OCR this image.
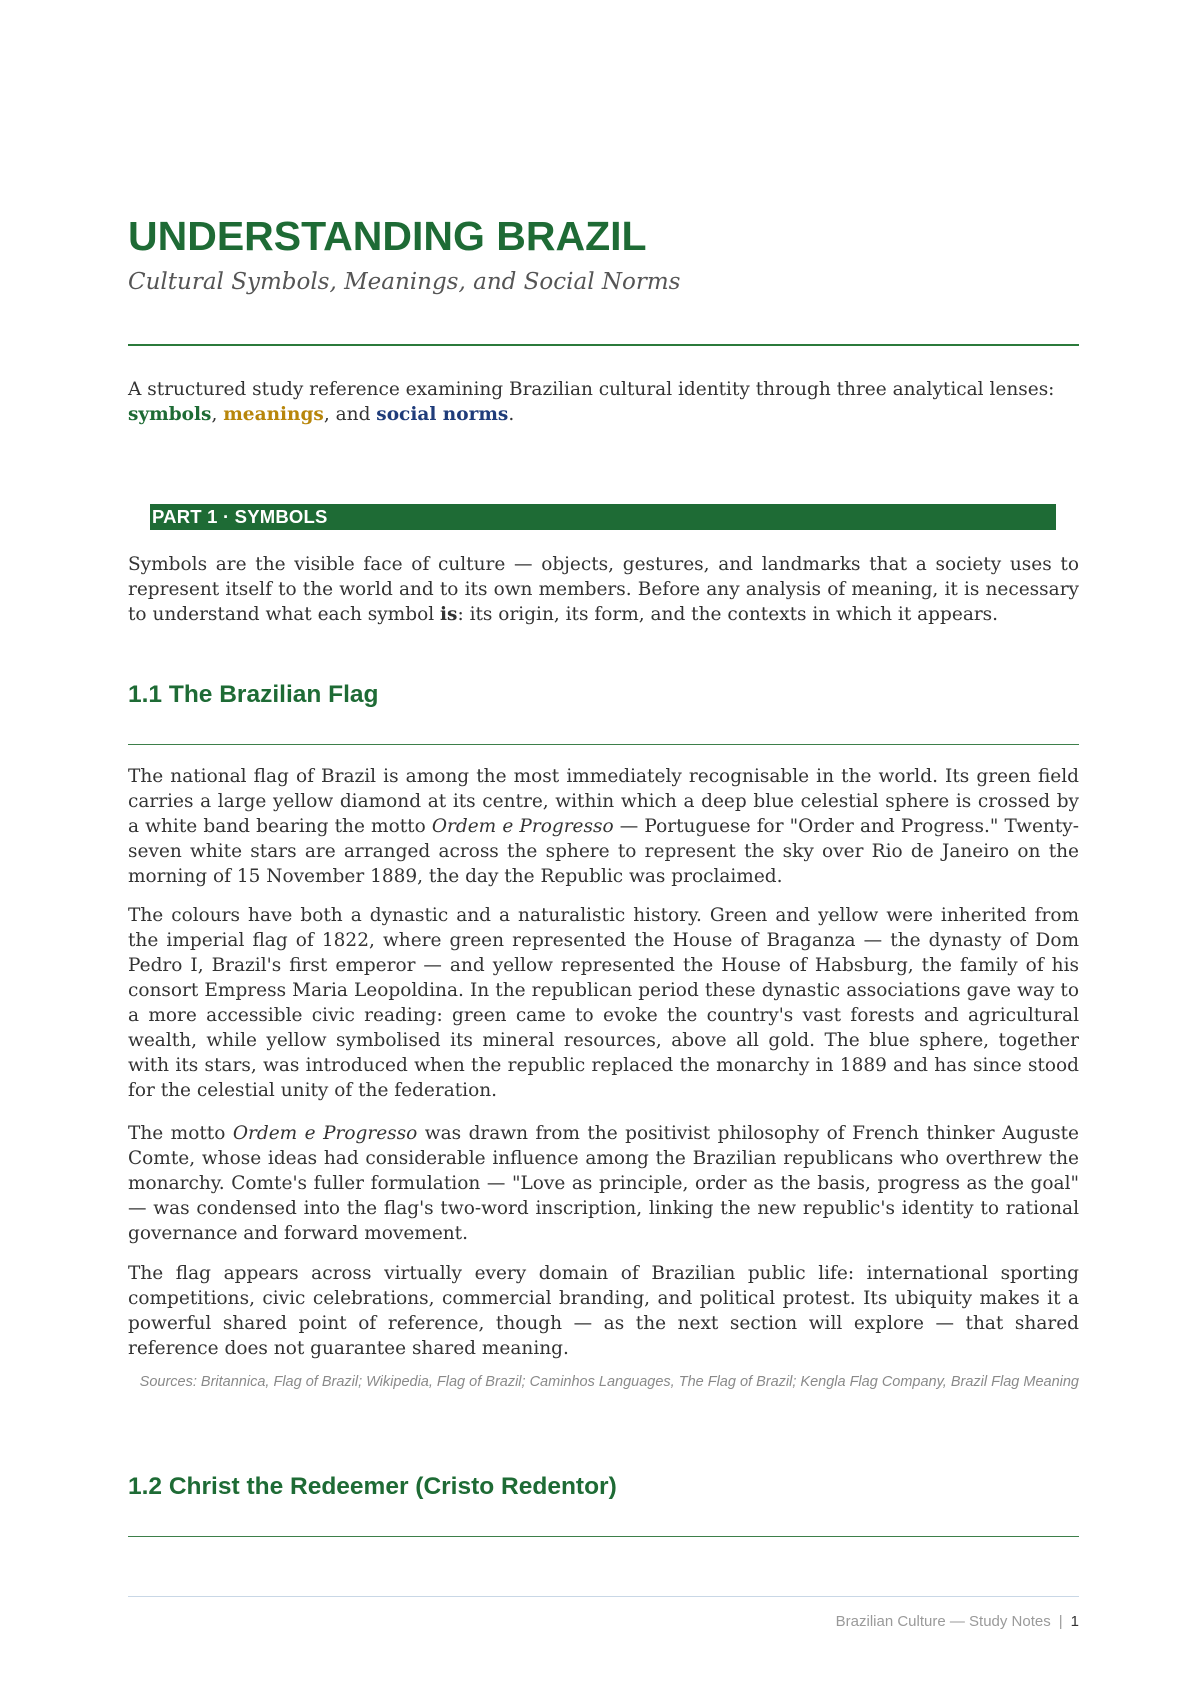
UNDERSTANDING BRAZIL

Cultural Symbols, Meanings, and Social Norms

A structured study reference examining Brazilian cultural identity through three analytical lenses: symbols, meanings, and social norms.

PART 1 · SYMBOLS

Symbols are the visible face of culture — objects, gestures, and landmarks that a society uses to represent itself to the world and to its own members. Before any analysis of meaning, it is necessary to understand what each symbol is: its origin, its form, and the contexts in which it appears.

1.1 The Brazilian Flag

The national flag of Brazil is among the most immediately recognisable in the world. Its green field carries a large yellow diamond at its centre, within which a deep blue celestial sphere is crossed by a white band bearing the motto Ordem e Progresso — Portuguese for "Order and Progress." Twenty-seven white stars are arranged across the sphere to represent the sky over Rio de Janeiro on the morning of 15 November 1889, the day the Republic was proclaimed.

The colours have both a dynastic and a naturalistic history. Green and yellow were inherited from the imperial flag of 1822, where green represented the House of Braganza — the dynasty of Dom Pedro I, Brazil's first emperor — and yellow represented the House of Habsburg, the family of his consort Empress Maria Leopoldina. In the republican period these dynastic associations gave way to a more accessible civic reading: green came to evoke the country's vast forests and agricultural wealth, while yellow symbolised its mineral resources, above all gold. The blue sphere, together with its stars, was introduced when the republic replaced the monarchy in 1889 and has since stood for the celestial unity of the federation.

The motto Ordem e Progresso was drawn from the positivist philosophy of French thinker Auguste Comte, whose ideas had considerable influence among the Brazilian republicans who overthrew the monarchy. Comte's fuller formulation — "Love as principle, order as the basis, progress as the goal" — was condensed into the flag's two-word inscription, linking the new republic's identity to rational governance and forward movement.

The flag appears across virtually every domain of Brazilian public life: international sporting competitions, civic celebrations, commercial branding, and political protest. Its ubiquity makes it a powerful shared point of reference, though — as the next section will explore — that shared reference does not guarantee shared meaning.

Sources: Britannica, Flag of Brazil; Wikipedia, Flag of Brazil; Caminhos Languages, The Flag of Brazil; Kengla Flag Company, Brazil Flag Meaning

1.2 Christ the Redeemer (Cristo Redentor)

Brazilian Culture — Study Notes | 1
